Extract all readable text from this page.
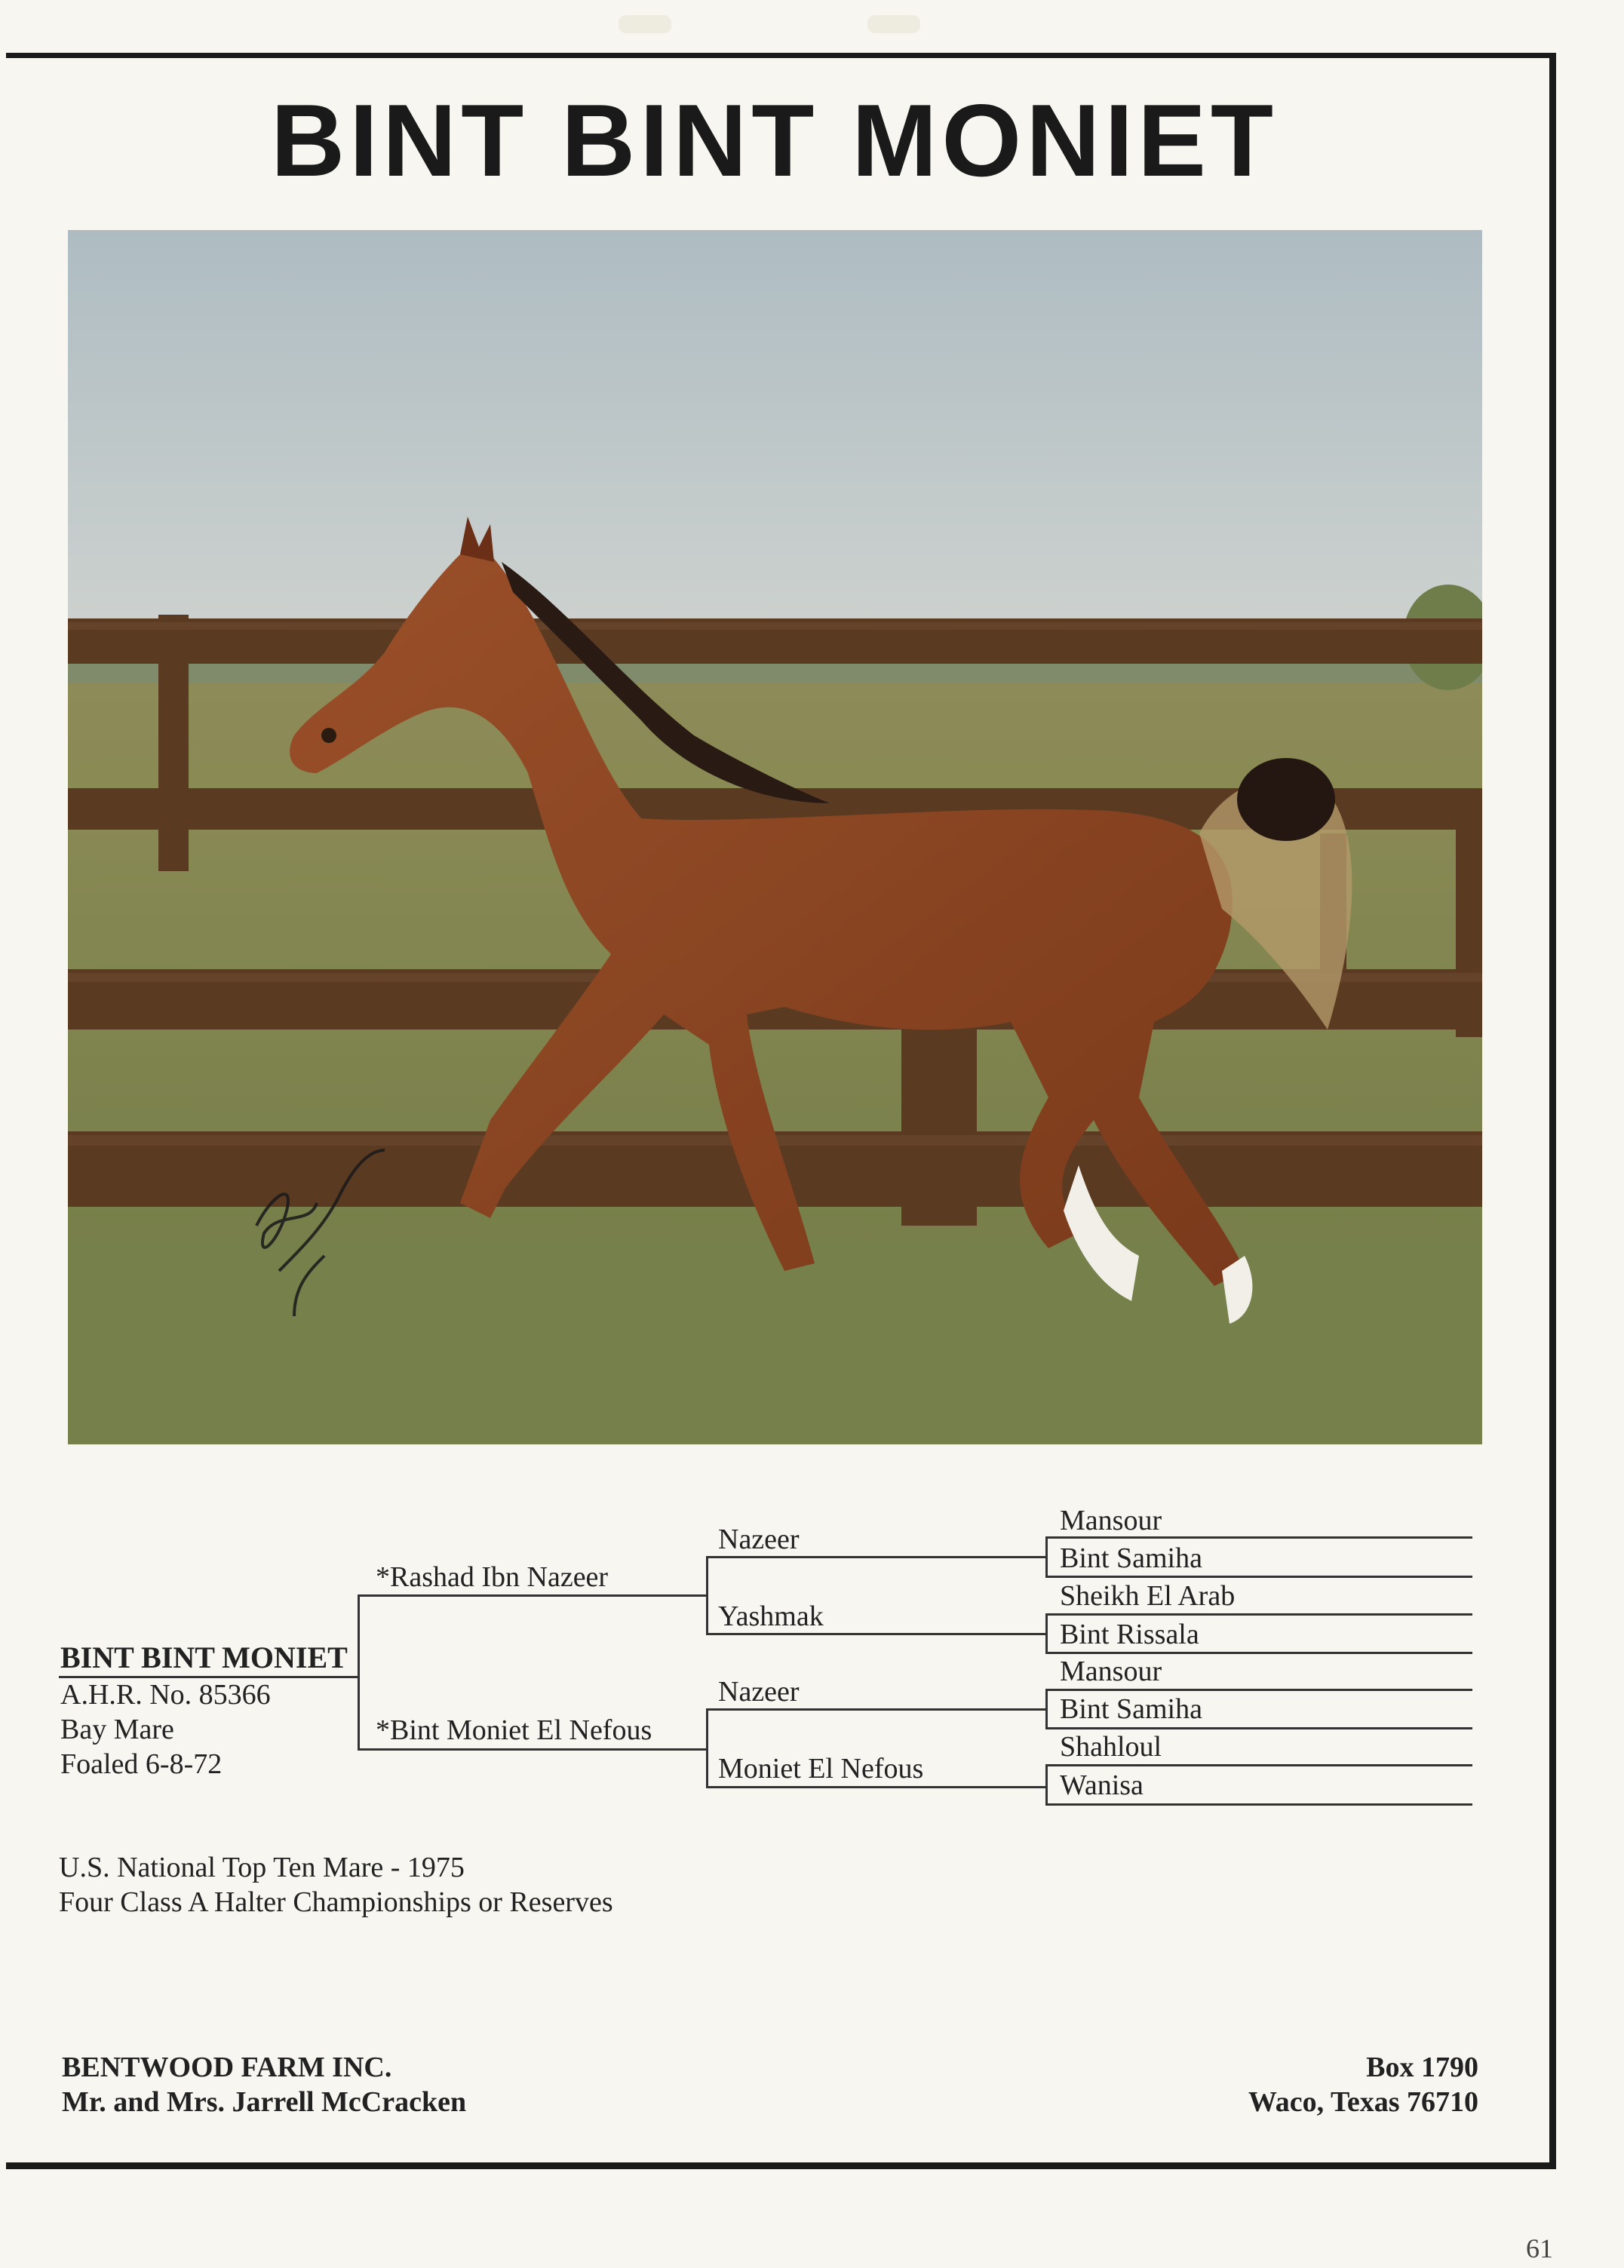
BINT BINT MONIET
BINT BINT MONIET
A.H.R. No. 85366
Bay Mare
Foaled 6-8-72
*Rashad Ibn Nazeer
*Bint Moniet El Nefous
Nazeer
Yashmak
Nazeer
Moniet El Nefous
Mansour
Bint Samiha
Sheikh El Arab
Bint Rissala
Mansour
Bint Samiha
Shahloul
Wanisa
U.S. National Top Ten Mare - 1975
Four Class A Halter Championships or Reserves
BENTWOOD FARM INC.
Mr. and Mrs. Jarrell McCracken
Box 1790
Waco, Texas 76710
61
